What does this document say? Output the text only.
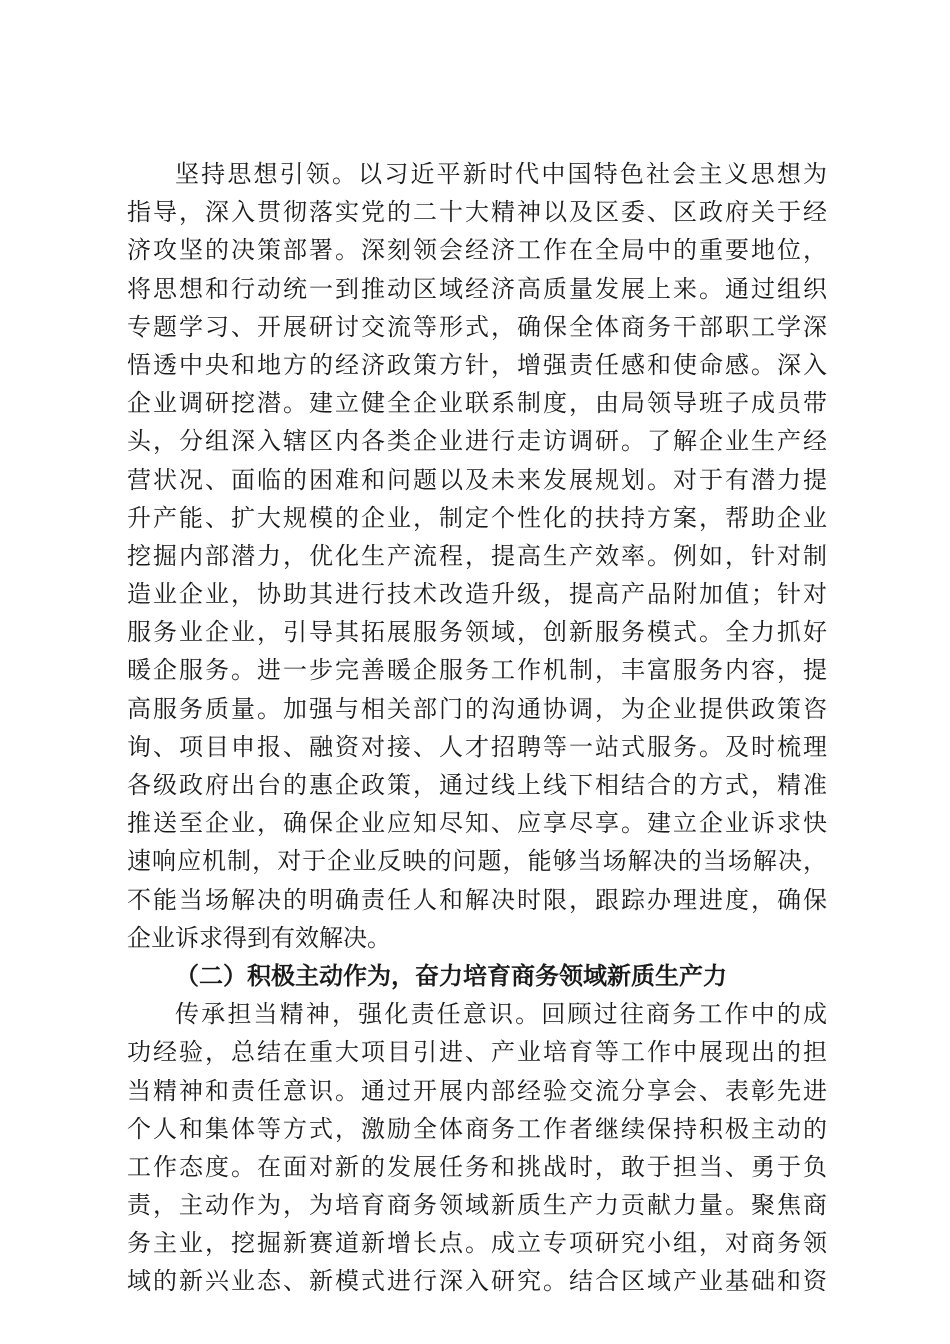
坚持思想引领。以习近平新时代中国特色社会主义思想为
指导，深入贯彻落实党的二十大精神以及区委、区政府关于经
济攻坚的决策部署。深刻领会经济工作在全局中的重要地位，
将思想和行动统一到推动区域经济高质量发展上来。通过组织
专题学习、开展研讨交流等形式，确保全体商务干部职工学深
悟透中央和地方的经济政策方针，增强责任感和使命感。深入
企业调研挖潜。建立健全企业联系制度，由局领导班子成员带
头，分组深入辖区内各类企业进行走访调研。了解企业生产经
营状况、面临的困难和问题以及未来发展规划。对于有潜力提
升产能、扩大规模的企业，制定个性化的扶持方案，帮助企业
挖掘内部潜力，优化生产流程，提高生产效率。例如，针对制
造业企业，协助其进行技术改造升级，提高产品附加值；针对
服务业企业，引导其拓展服务领域，创新服务模式。全力抓好
暖企服务。进一步完善暖企服务工作机制，丰富服务内容，提
高服务质量。加强与相关部门的沟通协调，为企业提供政策咨
询、项目申报、融资对接、人才招聘等一站式服务。及时梳理
各级政府出台的惠企政策，通过线上线下相结合的方式，精准
推送至企业，确保企业应知尽知、应享尽享。建立企业诉求快
速响应机制，对于企业反映的问题，能够当场解决的当场解决，
不能当场解决的明确责任人和解决时限，跟踪办理进度，确保
企业诉求得到有效解决。
（二）积极主动作为，奋力培育商务领域新质生产力
传承担当精神，强化责任意识。回顾过往商务工作中的成
功经验，总结在重大项目引进、产业培育等工作中展现出的担
当精神和责任意识。通过开展内部经验交流分享会、表彰先进
个人和集体等方式，激励全体商务工作者继续保持积极主动的
工作态度。在面对新的发展任务和挑战时，敢于担当、勇于负
责，主动作为，为培育商务领域新质生产力贡献力量。聚焦商
务主业，挖掘新赛道新增长点。成立专项研究小组，对商务领
域的新兴业态、新模式进行深入研究。结合区域产业基础和资
